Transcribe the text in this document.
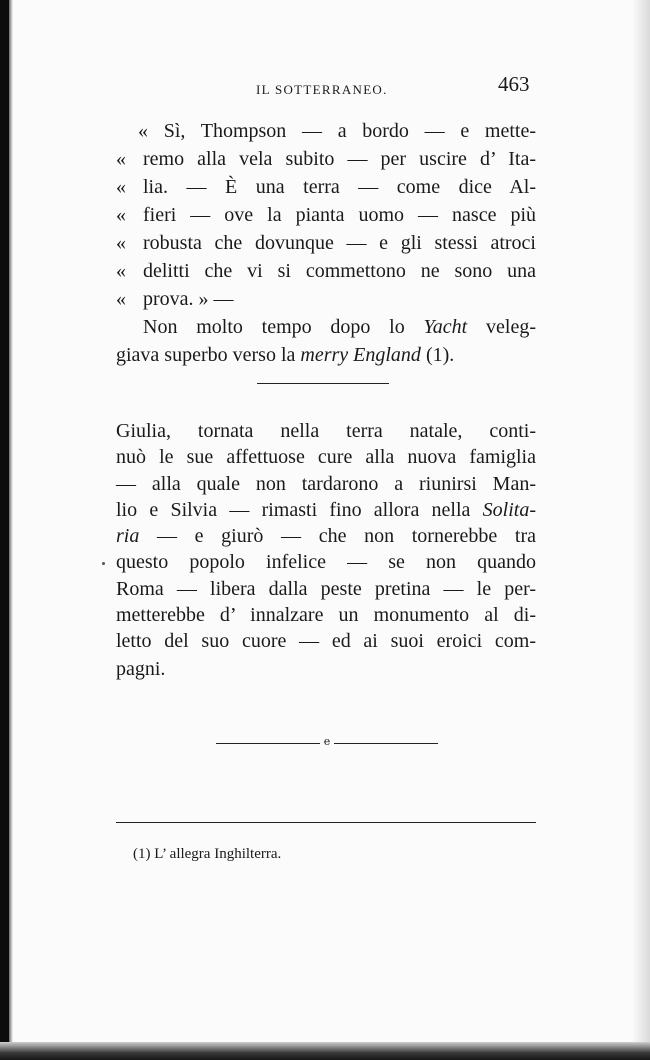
IL SOTTERRANEO.	463
« Sì, Thompson — a bordo — e mette-
« remo alla vela subito — per uscire d’ Ita-
« lia. — È una terra — come dice Al-
« fieri — ove la pianta uomo — nasce più
« robusta che dovunque — e gli stessi atroci
« delitti che vi si commettono ne sono una
« prova. » —
Non molto tempo dopo lo Yacht veleg-
giava superbo verso la merry England (1).
Giulia, tornata nella terra natale, conti-
nuò le sue affettuose cure alla nuova famiglia
— alla quale non tardarono a riunirsi Man-
lio e Silvia — rimasti fino allora nella Solita-
ria — e giurò — che non tornerebbe tra
questo popolo infelice — se non quando
Roma — libera dalla peste pretina — le per-
metterebbe d’ innalzare un monumento al di-
letto del suo cuore — ed ai suoi eroici com-
pagni.
e
(1) L’ allegra Inghilterra.
